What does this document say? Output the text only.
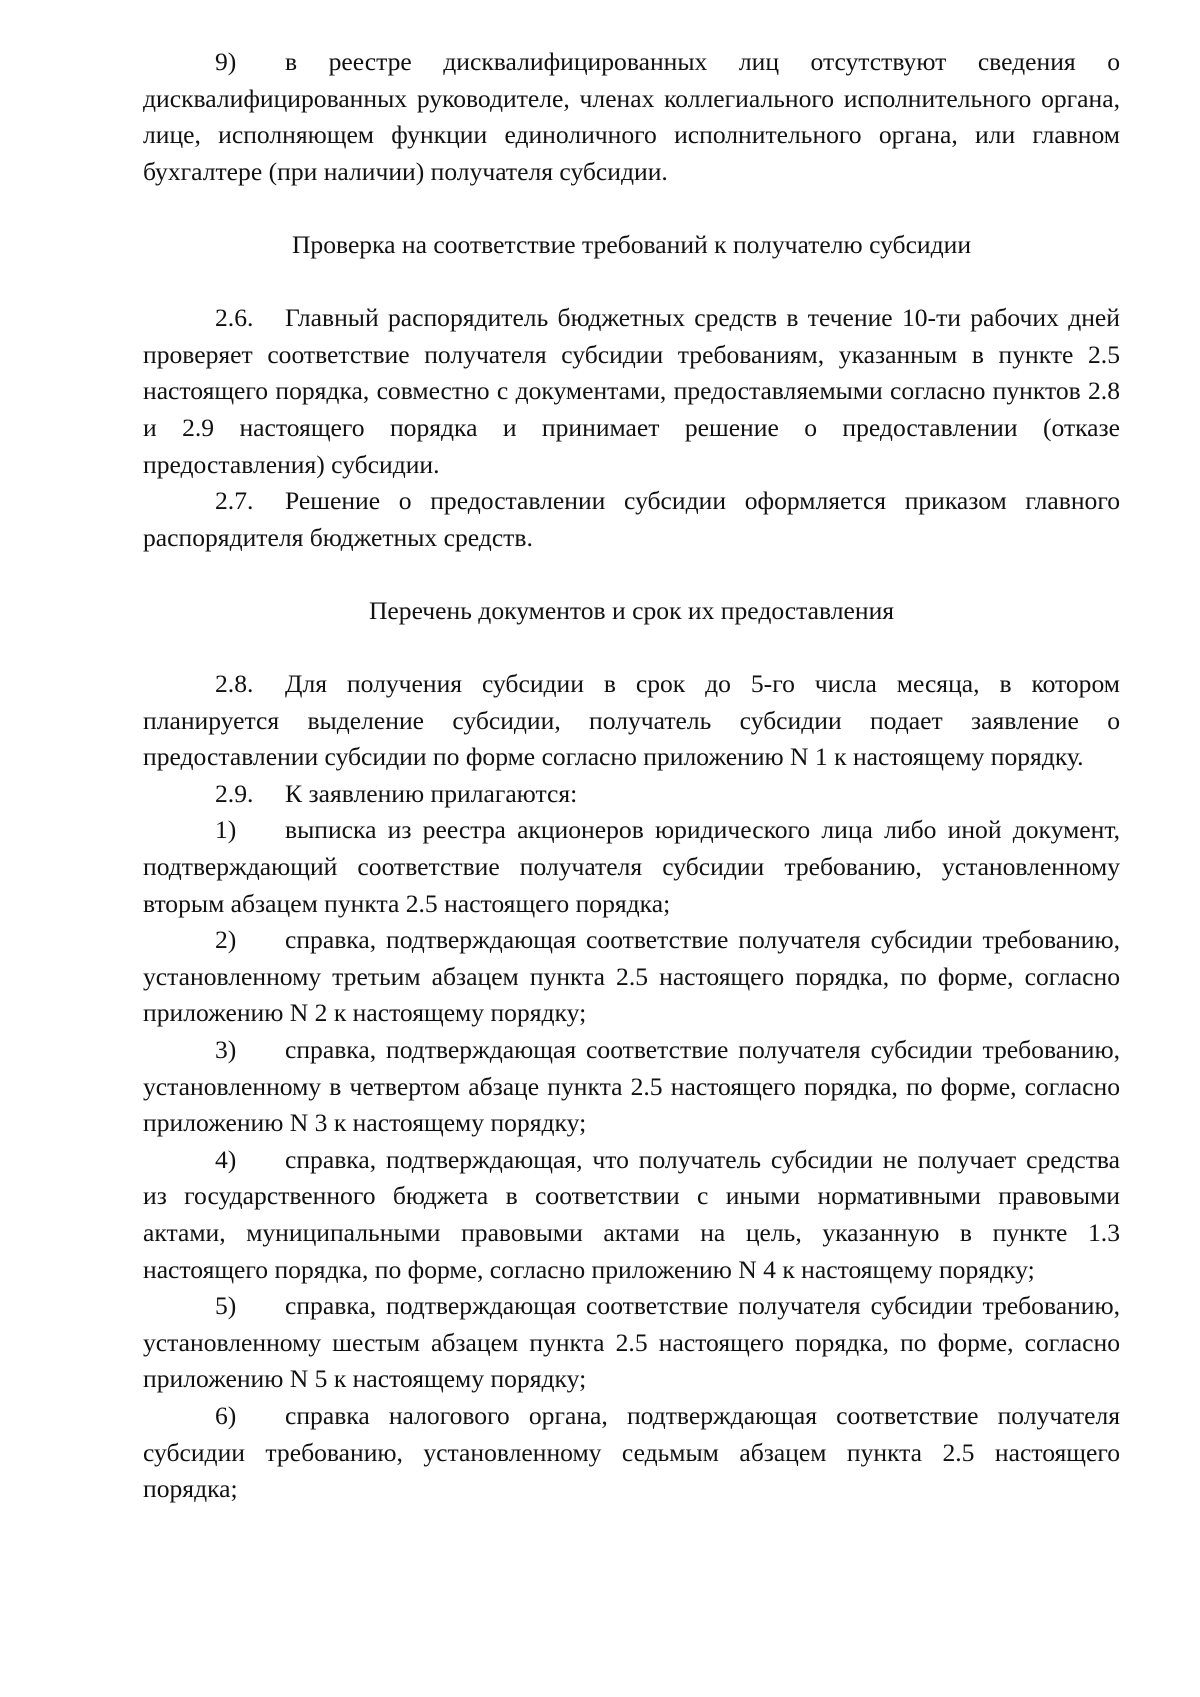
9) в реестре дисквалифицированных лиц отсутствуют сведения о дисквалифицированных руководителе, членах коллегиального исполнительного органа, лице, исполняющем функции единоличного исполнительного органа, или главном бухгалтере (при наличии) получателя субсидии.

Проверка на соответствие требований к получателю субсидии

2.6. Главный распорядитель бюджетных средств в течение 10-ти рабочих дней проверяет соответствие получателя субсидии требованиям, указанным в пункте 2.5 настоящего порядка, совместно с документами, предоставляемыми согласно пунктов 2.8 и 2.9 настоящего порядка и принимает решение о предоставлении (отказе предоставления) субсидии.

2.7. Решение о предоставлении субсидии оформляется приказом главного распорядителя бюджетных средств.

Перечень документов и срок их предоставления

2.8. Для получения субсидии в срок до 5-го числа месяца, в котором планируется выделение субсидии, получатель субсидии подает заявление о предоставлении субсидии по форме согласно приложению N 1 к настоящему порядку.

2.9. К заявлению прилагаются:

1) выписка из реестра акционеров юридического лица либо иной документ, подтверждающий соответствие получателя субсидии требованию, установленному вторым абзацем пункта 2.5 настоящего порядка;

2) справка, подтверждающая соответствие получателя субсидии требованию, установленному третьим абзацем пункта 2.5 настоящего порядка, по форме, согласно приложению N 2 к настоящему порядку;

3) справка, подтверждающая соответствие получателя субсидии требованию, установленному в четвертом абзаце пункта 2.5 настоящего порядка, по форме, согласно приложению N 3 к настоящему порядку;

4) справка, подтверждающая, что получатель субсидии не получает средства из государственного бюджета в соответствии с иными нормативными правовыми актами, муниципальными правовыми актами на цель, указанную в пункте 1.3 настоящего порядка, по форме, согласно приложению N 4 к настоящему порядку;

5) справка, подтверждающая соответствие получателя субсидии требованию, установленному шестым абзацем пункта 2.5 настоящего порядка, по форме, согласно приложению N 5 к настоящему порядку;

6) справка налогового органа, подтверждающая соответствие получателя субсидии требованию, установленному седьмым абзацем пункта 2.5 настоящего порядка;
